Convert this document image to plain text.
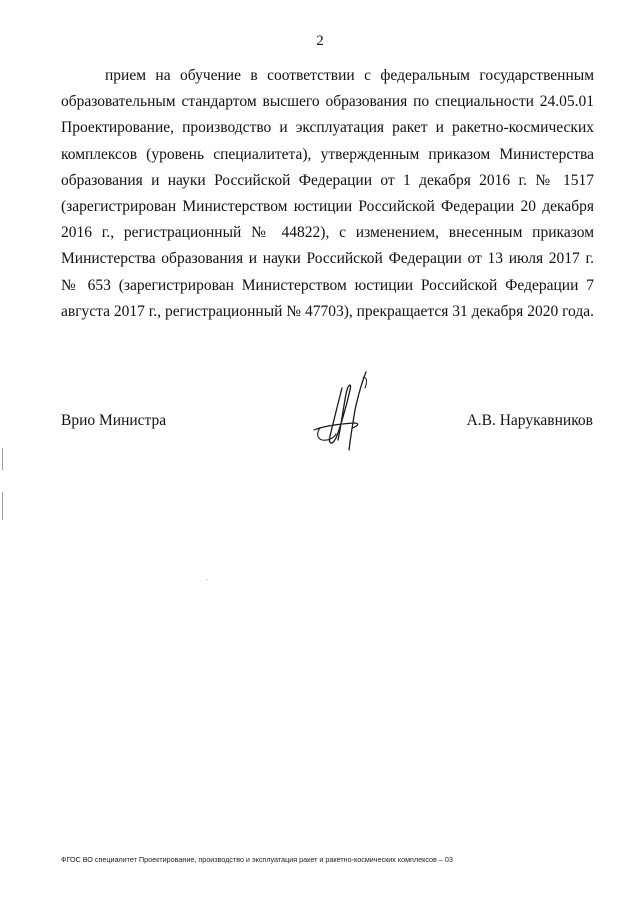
2

прием на обучение в соответствии с федеральным государственным образовательным стандартом высшего образования по специальности 24.05.01 Проектирование, производство и эксплуатация ракет и ракетно-космических комплексов (уровень специалитета), утвержденным приказом Министерства образования и науки Российской Федерации от 1 декабря 2016 г. № 1517 (зарегистрирован Министерством юстиции Российской Федерации 20 декабря 2016 г., регистрационный № 44822), с изменением, внесенным приказом Министерства образования и науки Российской Федерации от 13 июля 2017 г. № 653 (зарегистрирован Министерством юстиции Российской Федерации 7 августа 2017 г., регистрационный № 47703), прекращается 31 декабря 2020 года.

Врио Министра	А.В. Нарукавников
ФГОС ВО специалитет Проектирование, производство и эксплуатация ракет и ракетно-космических комплексов – 03
